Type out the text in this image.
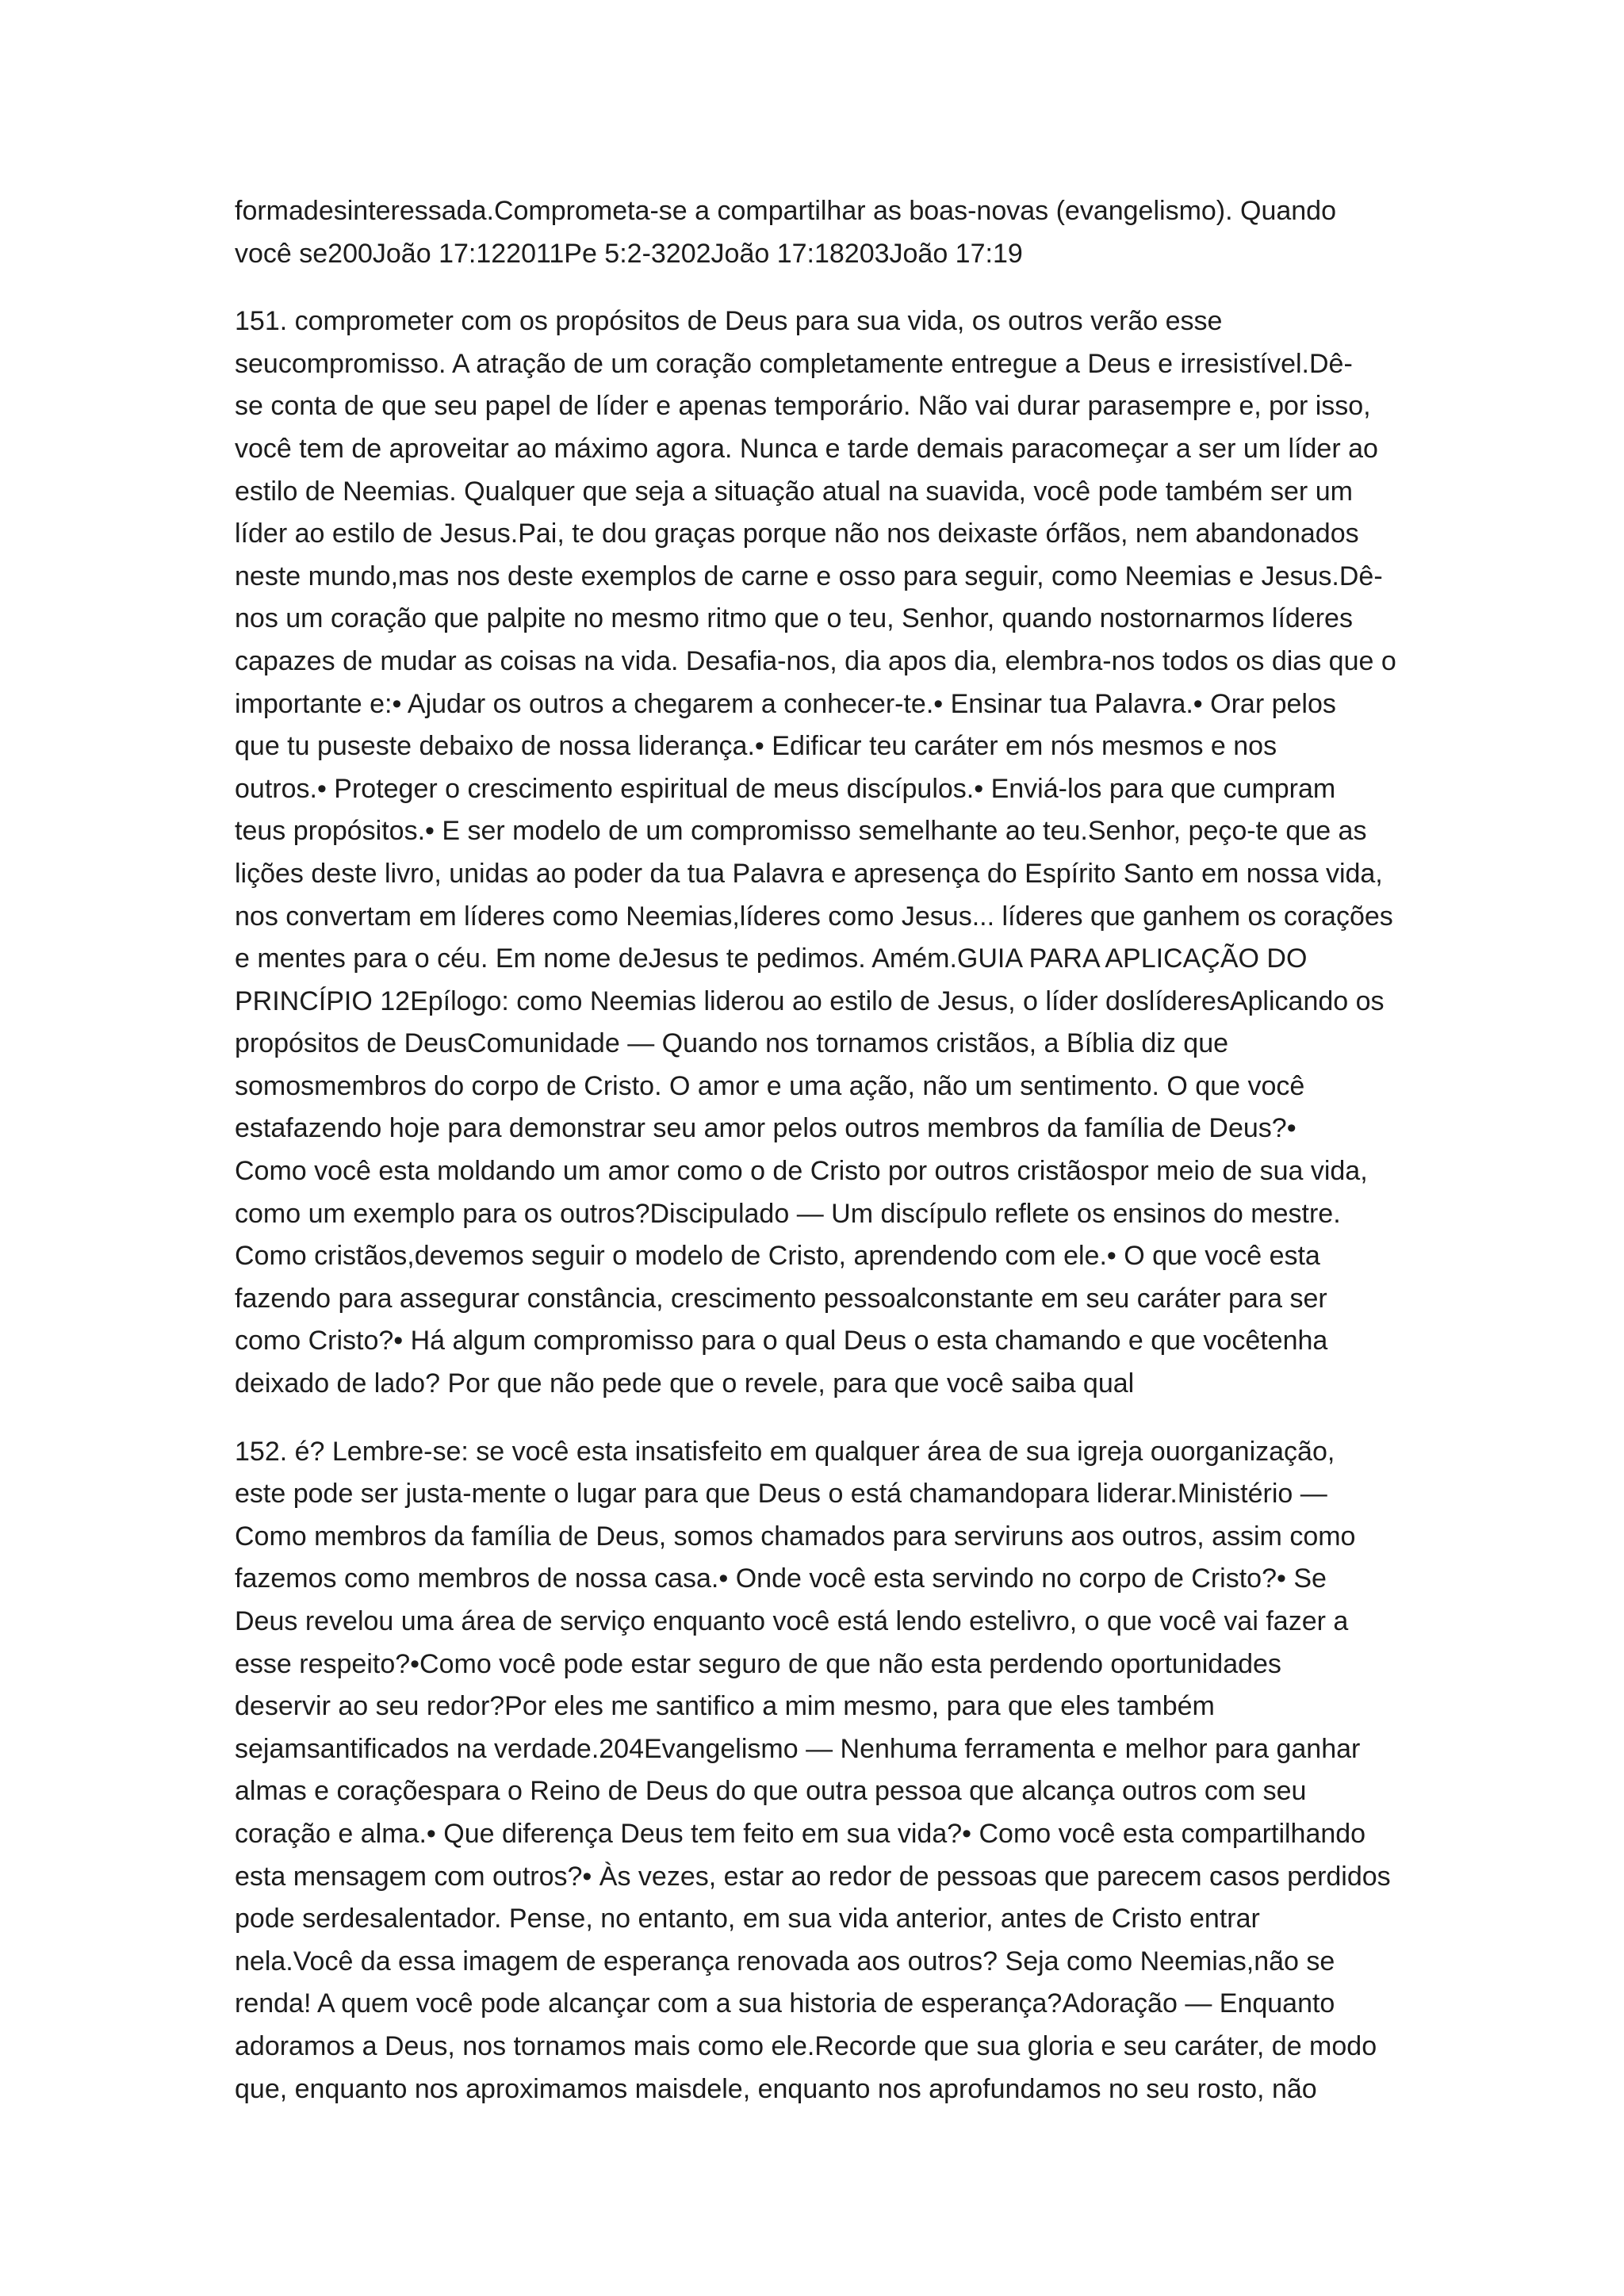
formadesinteressada.Comprometa-se a compartilhar as boas-novas (evangelismo). Quando
você se200João 17:122011Pe 5:2-3202João 17:18203João 17:19
151. comprometer com os propósitos de Deus para sua vida, os outros verão esse
seucompromisso. A atração de um coração completamente entregue a Deus e irresistível.Dê-
se conta de que seu papel de líder e apenas temporário. Não vai durar parasempre e, por isso,
você tem de aproveitar ao máximo agora. Nunca e tarde demais paracomeçar a ser um líder ao
estilo de Neemias. Qualquer que seja a situação atual na suavida, você pode também ser um
líder ao estilo de Jesus.Pai, te dou graças porque não nos deixaste órfãos, nem abandonados
neste mundo,mas nos deste exemplos de carne e osso para seguir, como Neemias e Jesus.Dê-
nos um coração que palpite no mesmo ritmo que o teu, Senhor, quando nostornarmos líderes
capazes de mudar as coisas na vida. Desafia-nos, dia apos dia, elembra-nos todos os dias que o
importante e:• Ajudar os outros a chegarem a conhecer-te.• Ensinar tua Palavra.• Orar pelos
que tu puseste debaixo de nossa liderança.• Edificar teu caráter em nós mesmos e nos
outros.• Proteger o crescimento espiritual de meus discípulos.• Enviá-los para que cumpram
teus propósitos.• E ser modelo de um compromisso semelhante ao teu.Senhor, peço-te que as
lições deste livro, unidas ao poder da tua Palavra e apresença do Espírito Santo em nossa vida,
nos convertam em líderes como Neemias,líderes como Jesus... líderes que ganhem os corações
e mentes para o céu. Em nome deJesus te pedimos. Amém.GUIA PARA APLICAÇÃO DO
PRINCÍPIO 12Epílogo: como Neemias liderou ao estilo de Jesus, o líder doslíderesAplicando os
propósitos de DeusComunidade — Quando nos tornamos cristãos, a Bíblia diz que
somosmembros do corpo de Cristo. O amor e uma ação, não um sentimento. O que você
estafazendo hoje para demonstrar seu amor pelos outros membros da família de Deus?•
Como você esta moldando um amor como o de Cristo por outros cristãospor meio de sua vida,
como um exemplo para os outros?Discipulado — Um discípulo reflete os ensinos do mestre.
Como cristãos,devemos seguir o modelo de Cristo, aprendendo com ele.• O que você esta
fazendo para assegurar constância, crescimento pessoalconstante em seu caráter para ser
como Cristo?• Há algum compromisso para o qual Deus o esta chamando e que vocêtenha
deixado de lado? Por que não pede que o revele, para que você saiba qual
152. é? Lembre-se: se você esta insatisfeito em qualquer área de sua igreja ouorganização,
este pode ser justa-mente o lugar para que Deus o está chamandopara liderar.Ministério —
Como membros da família de Deus, somos chamados para serviruns aos outros, assim como
fazemos como membros de nossa casa.• Onde você esta servindo no corpo de Cristo?• Se
Deus revelou uma área de serviço enquanto você está lendo estelivro, o que você vai fazer a
esse respeito?•Como você pode estar seguro de que não esta perdendo oportunidades
deservir ao seu redor?Por eles me santifico a mim mesmo, para que eles também
sejamsantificados na verdade.204Evangelismo — Nenhuma ferramenta e melhor para ganhar
almas e coraçõespara o Reino de Deus do que outra pessoa que alcança outros com seu
coração e alma.• Que diferença Deus tem feito em sua vida?• Como você esta compartilhando
esta mensagem com outros?• Às vezes, estar ao redor de pessoas que parecem casos perdidos
pode serdesalentador. Pense, no entanto, em sua vida anterior, antes de Cristo entrar
nela.Você da essa imagem de esperança renovada aos outros? Seja como Neemias,não se
renda! A quem você pode alcançar com a sua historia de esperança?Adoração — Enquanto
adoramos a Deus, nos tornamos mais como ele.Recorde que sua gloria e seu caráter, de modo
que, enquanto nos aproximamos maisdele, enquanto nos aprofundamos no seu rosto, não
